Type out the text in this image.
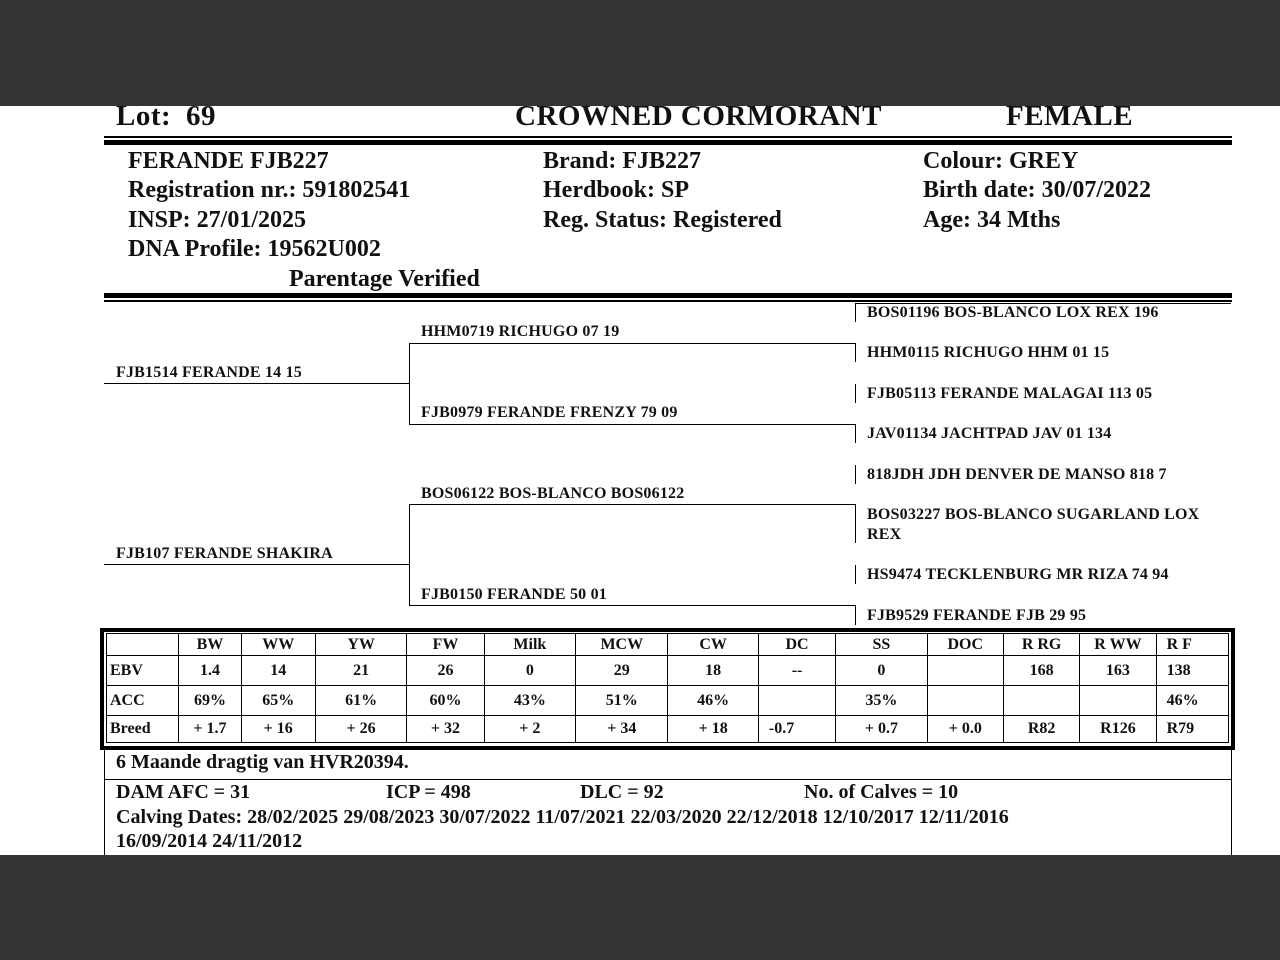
Lot: 69	CROWNED CORMORANT	FEMALE
FERANDE FJB227
Registration nr.: 591802541
INSP: 27/01/2025
DNA Profile: 19562U002
Parentage Verified
Brand: FJB227
Herdbook: SP
Reg. Status: Registered
Colour: GREY
Birth date: 30/07/2022
Age: 34 Mths
FJB1514 FERANDE 14 15
FJB107 FERANDE SHAKIRA
HHM0719 RICHUGO 07 19
FJB0979 FERANDE FRENZY 79 09
BOS06122 BOS-BLANCO BOS06122
FJB0150 FERANDE 50 01
BOS01196 BOS-BLANCO LOX REX 196
HHM0115 RICHUGO HHM 01 15
FJB05113 FERANDE MALAGAI 113 05
JAV01134 JACHTPAD JAV 01 134
818JDH JDH DENVER DE MANSO 818 7
BOS03227 BOS-BLANCO SUGARLAND LOX
REX
HS9474 TECKLENBURG MR RIZA 74 94
FJB9529 FERANDE FJB 29 95
	BW	WW	YW	FW	Milk	MCW	CW	DC	SS	DOC	R RG	R WW	R F
EBV	1.4	14	21	26	0	29	18	--	0		168	163	138
ACC	69%	65%	61%	60%	43%	51%	46%		35%				46%
Breed	+ 1.7	+ 16	+ 26	+ 32	+ 2	+ 34	+ 18	-0.7	+ 0.7	+ 0.0	R82	R126	R79
6 Maande dragtig van HVR20394.
DAM AFC = 31	ICP = 498	DLC = 92	No. of Calves = 10
Calving Dates: 28/02/2025 29/08/2023 30/07/2022 11/07/2021 22/03/2020 22/12/2018 12/10/2017 12/11/2016
16/09/2014 24/11/2012
